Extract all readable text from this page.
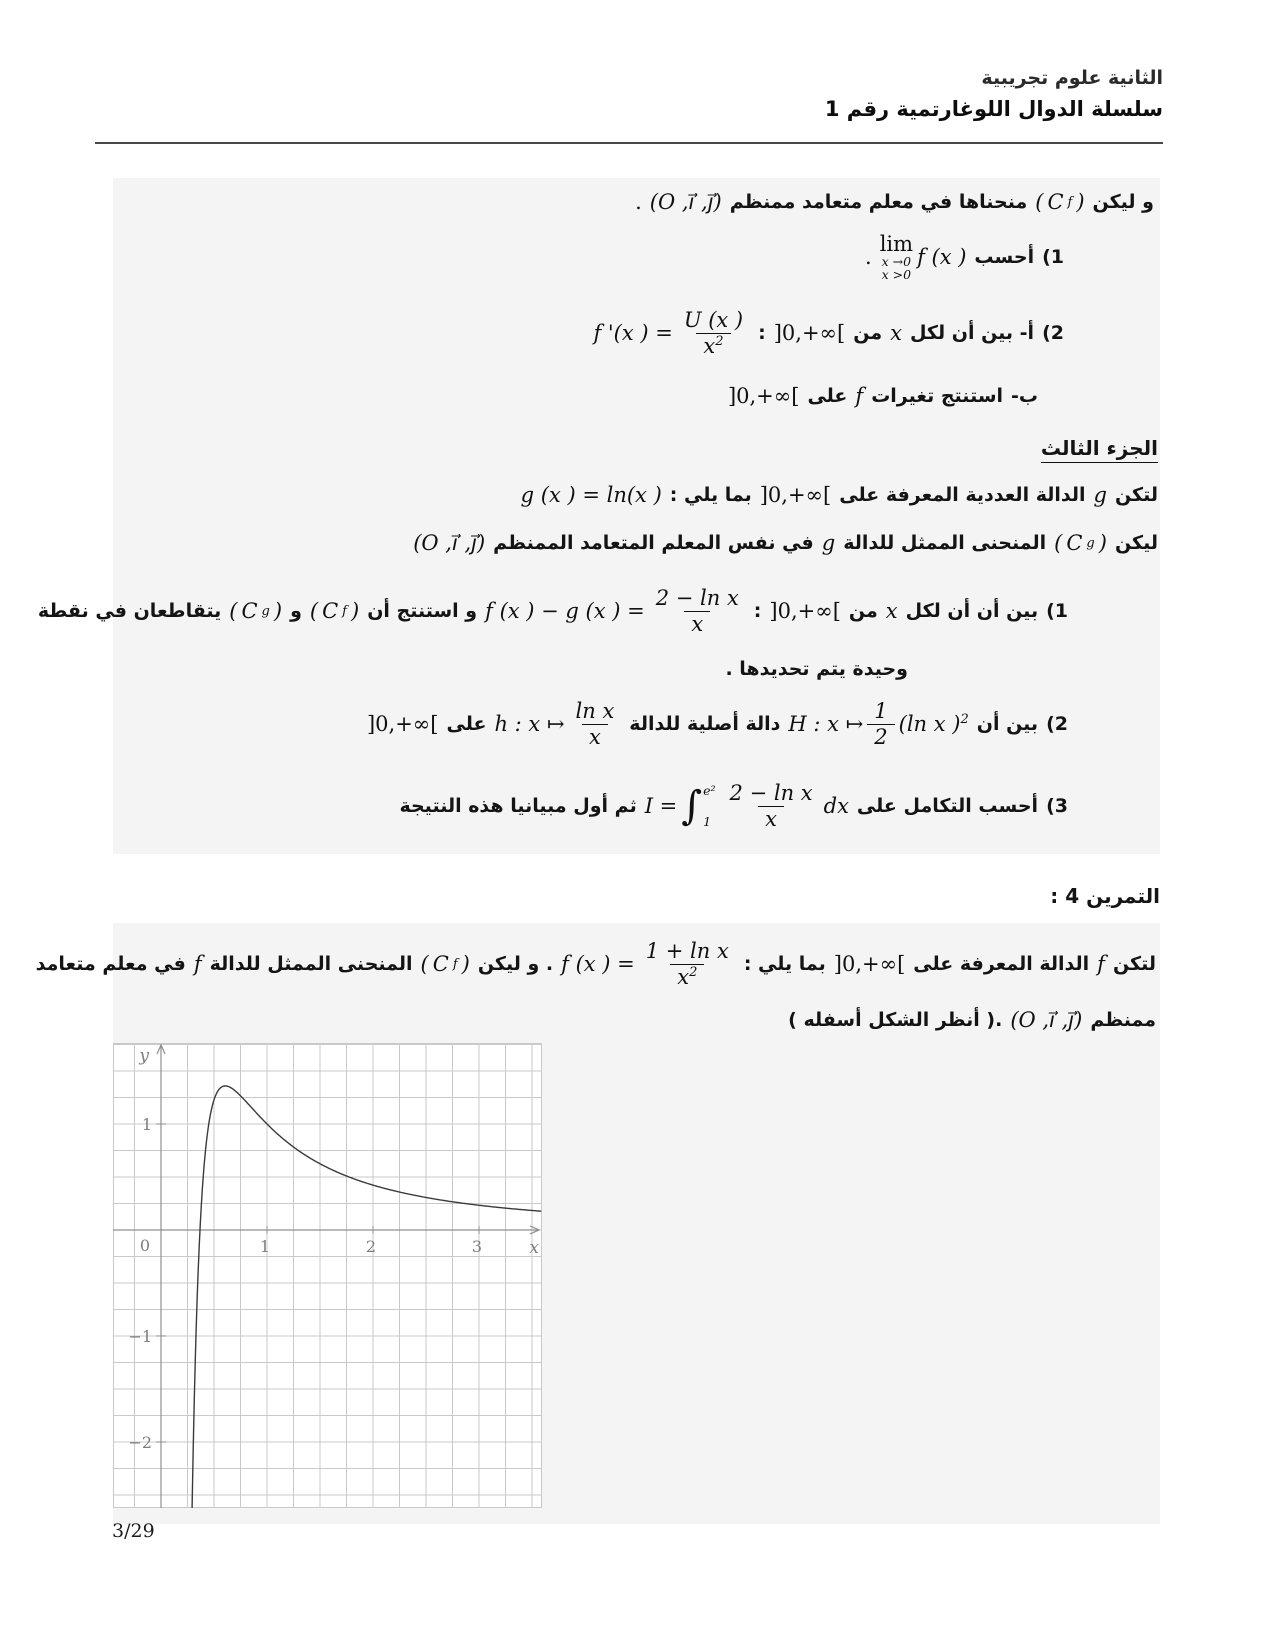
الثانية علوم تجريبية
سلسلة الدوال اللوغارتمية رقم 1
و ليكن
( C f )
منحناها في معلم متعامد ممنظم
(O ,i⃗ ,j⃗)
.
1)
أحسب
lim
x →0
x >0
f (x )
.
2)
أ- بين أن لكل
x
من
]0,+∞[
:
f '(x ) = $\frac{U (x )}{x^2}$
ب-
استنتج تغيرات
f
على
]0,+∞[
الجزء الثالث
لتكن
g
الدالة العددية المعرفة على
]0,+∞[
بما يلي :
g (x ) = ln(x )
ليكن
( C g )
المنحنى الممثل للدالة
g
في نفس المعلم المتعامد الممنظم
(O ,i⃗ ,j⃗)
1)
بين أن أن لكل
x
من
]0,+∞[
:
f (x ) − g (x ) = $\frac{\text{2 − ln x}}{x}$
و استنتج أن
( C f )
و
( C g )
يتقاطعان في نقطة
وحيدة يتم تحديدها .
2)
بين أن
H : x ↦ $\frac{1}{2} (\ln$ x )$^2$
دالة أصلية للدالة
h : x ↦ $\frac{\text{ln x}}{x}$
على
]0,+∞[
3)
أحسب التكامل على
I = ∫ e²
$1 \frac{\text{2 − ln x}}{x}$ dx
ثم أول مبيانيا هذه النتيجة
التمرين 4 :
لتكن
f
الدالة المعرفة على
]0,+∞[
بما يلي :
f (x ) = $\frac{\text{1 + ln x}}{x^2}$
. و ليكن
( C f )
المنحنى الممثل للدالة
f
في معلم متعامد
ممنظم
(O ,i⃗ ,j⃗)
.( أنظر الشكل أسفله )
y
x
0	1	2	3
1
−1
−2
3/29
